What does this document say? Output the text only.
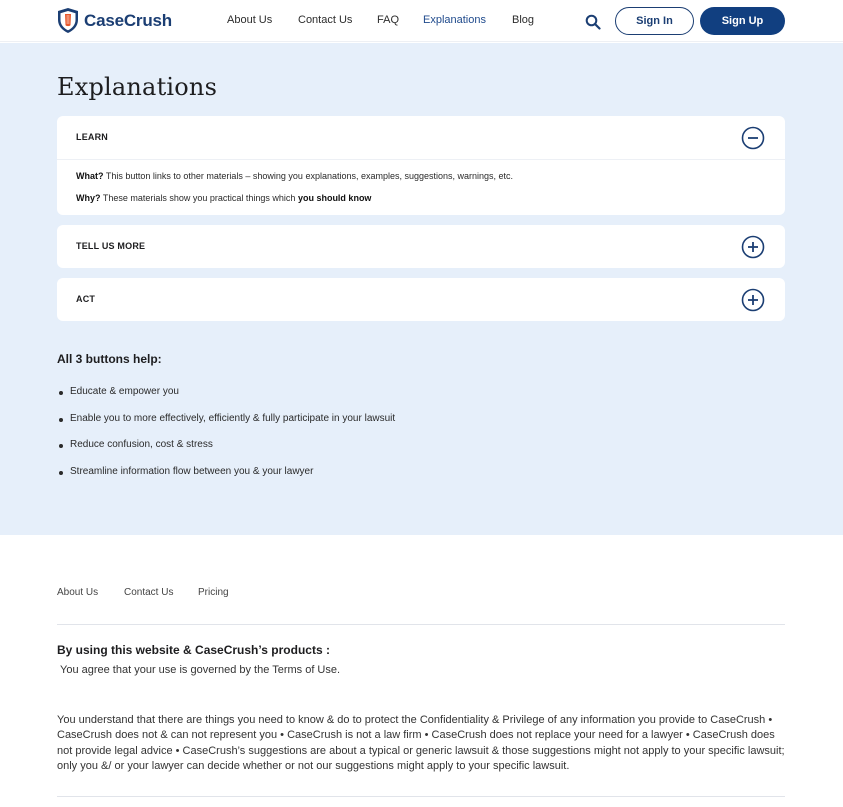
CaseCrush	About Us Contact Us FAQ Explanations Blog	Sign In	Sign Up
Explanations
LEARN

What? This button links to other materials – showing you explanations, examples, suggestions, warnings, etc.

Why? These materials show you practical things which you should know

TELL US MORE
ACT
All 3 buttons help:
Educate & empower you
Enable you to more effectively, efficiently & fully participate in your lawsuit
Reduce confusion, cost & stress
Streamline information flow between you & your lawyer
About Us	Contact Us Pricing
By using this website & CaseCrush’s products :

You agree that your use is governed by the Terms of Use.

You understand that there are things you need to know & do to protect the Confidentiality & Privilege of any information you provide to CaseCrush • CaseCrush does not & can not represent you • CaseCrush is not a law firm • CaseCrush does not replace your need for a lawyer • CaseCrush does not provide legal advice • CaseCrush’s suggestions are about a typical or generic lawsuit & those suggestions might not apply to your specific lawsuit; only you &/ or your lawyer can decide whether or not our suggestions might apply to your specific lawsuit.
